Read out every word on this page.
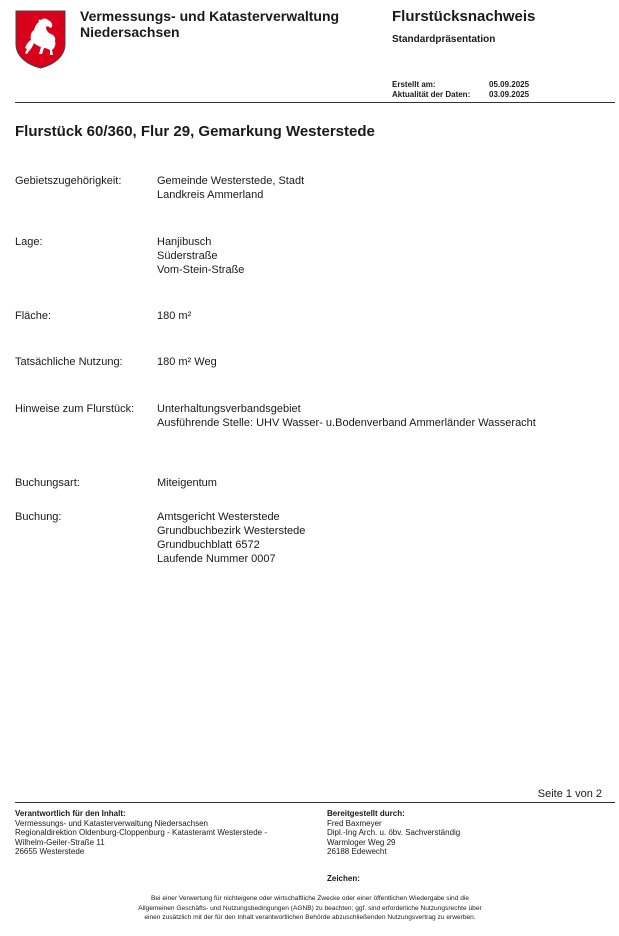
Vermessungs- und Katasterverwaltung
Niedersachsen
Flurstücksnachweis
Standardpräsentation
Erstellt am:	05.09.2025
Aktualität der Daten: 03.09.2025
Flurstück 60/360, Flur 29, Gemarkung Westerstede
Gebietszugehörigkeit:	Gemeinde Westerstede, Stadt
Landkreis Ammerland
Lage:	Hanjibusch
Süderstraße
Vom-Stein-Straße
Fläche:	180 m²
Tatsächliche Nutzung:	180 m² Weg
Hinweise zum Flurstück: Unterhaltungsverbandsgebiet
Ausführende Stelle: UHV Wasser- u.Bodenverband Ammerländer Wasseracht
Buchungsart:	Miteigentum
Buchung:	Amtsgericht Westerstede
Grundbuchbezirk Westerstede
Grundbuchblatt 6572
Laufende Nummer 0007
Seite 1 von 2
Verantwortlich für den Inhalt:
Vermessungs- und Katasterverwaltung Niedersachsen
Regionaldirektion Oldenburg-Cloppenburg - Katasteramt Westerstede -
Wilhelm-Geiler-Straße 11
26655 Westerstede
Bereitgestellt durch:
Fred Baxmeyer
Dipl.-Ing Arch. u. öbv. Sachverständig
Warmloger Weg 29
26188 Edewecht
Zeichen:
Bei einer Verwertung für nichteigene oder wirtschaftliche Zwecke oder einer öffentlichen Wiedergabe sind die
Allgemeinen Geschäfts- und Nutzungsbedingungen (AGNB) zu beachten; ggf. sind erforderliche Nutzungsrechte über
einen zusätzlich mit der für den Inhalt verantwortlichen Behörde abzuschließenden Nutzungsvertrag zu erwerben.
